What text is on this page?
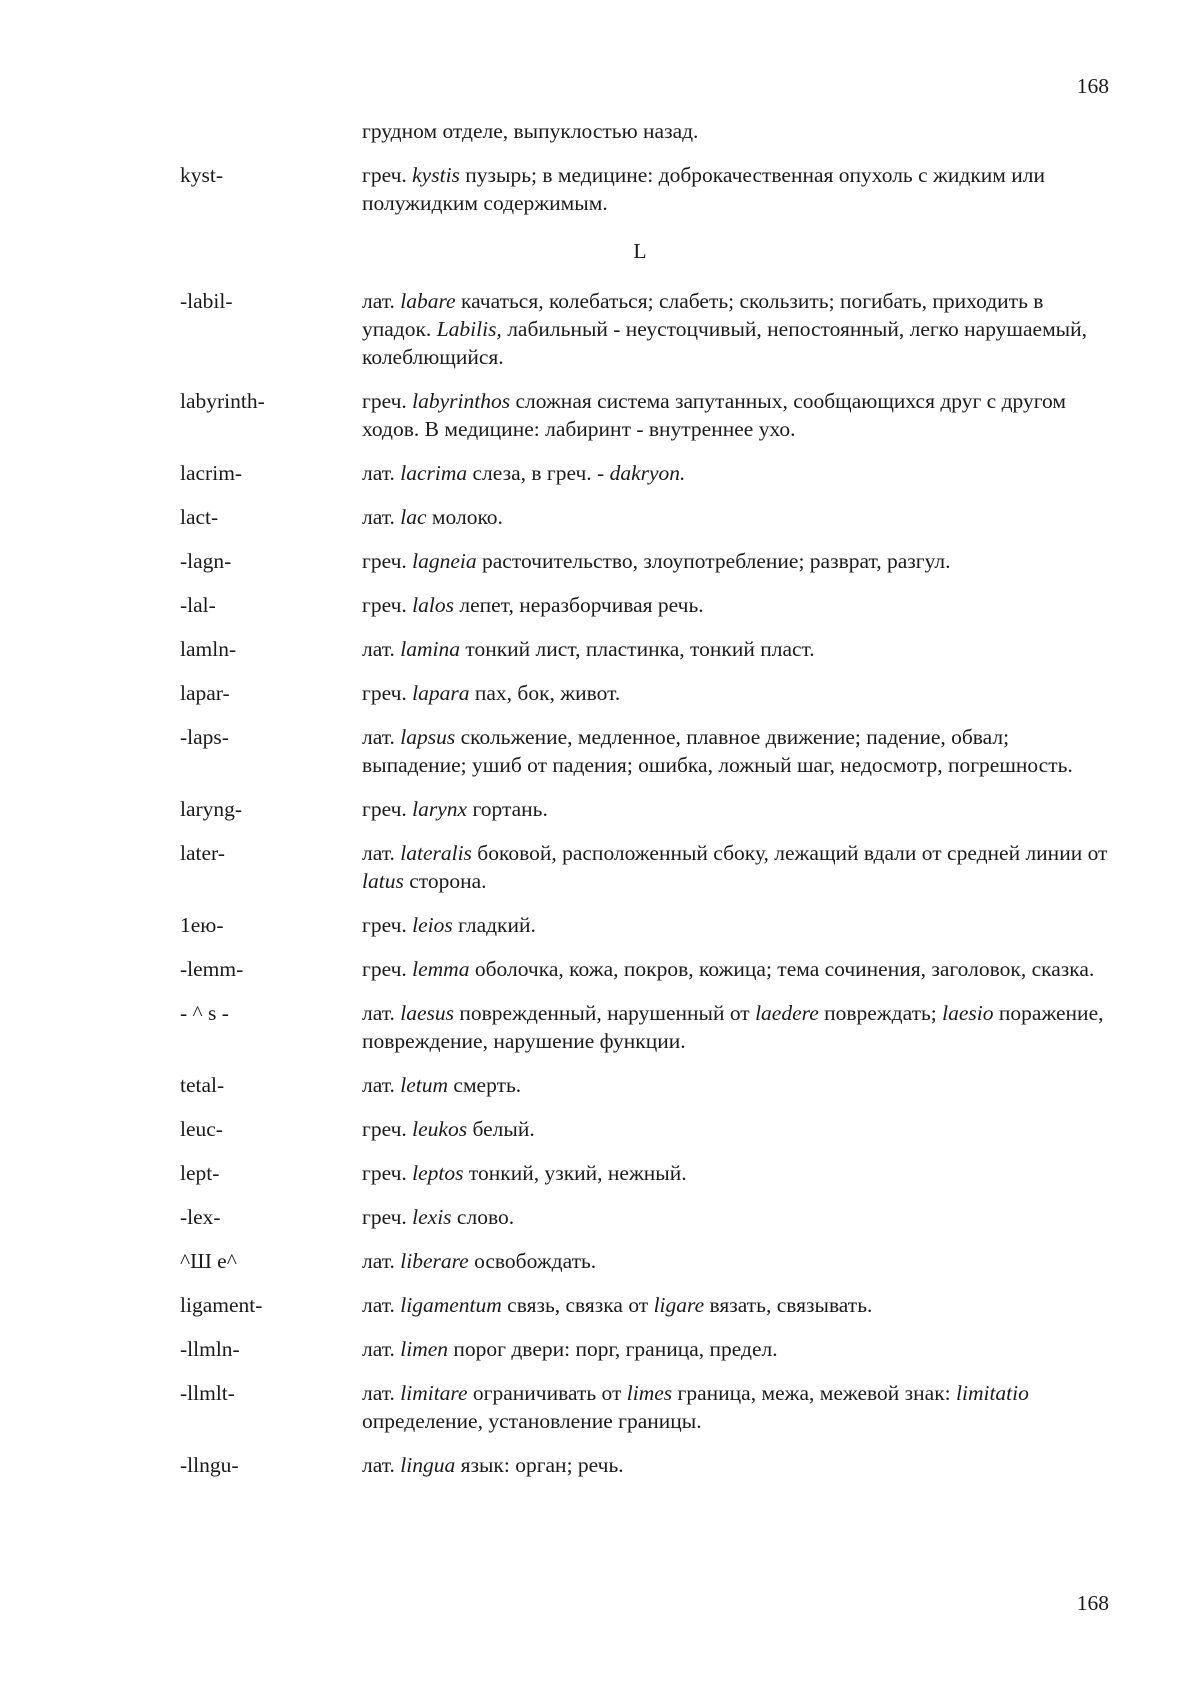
168
грудном отделе, выпуклостью назад.
kyst-	греч. kystis пузырь; в медицине: доброкачественная опухоль с жидким или полужидким содержимым.
L
-labil-	лат. labare качаться, колебаться; слабеть; скользить; погибать, приходить в упадок. Labilis, лабильный - неустоцчивый, непостоянный, легко нарушаемый, колеблющийся.
labyrinth-	греч. labyrinthos сложная система запутанных, сообщающихся друг с другом ходов. В медицине: лабиринт - внутреннее ухо.
lacrim-	лат. lacrima слеза, в греч. - dakryon.
lact-	лат. lac молоко.
-lagn-	греч. lagneia расточительство, злоупотребление; разврат, разгул.
-lal-	греч. lalos лепет, неразборчивая речь.
lamln-	лат. lamina тонкий лист, пластинка, тонкий пласт.
lapar-	греч. lapara пах, бок, живот.
-laps-	лат. lapsus скольжение, медленное, плавное движение; падение, обвал; выпадение; ушиб от падения; ошибка, ложный шаг, недосмотр, погрешность.
laryng-	греч. larynx гортань.
later-	лат. lateralis боковой, расположенный сбоку, лежащий вдали от средней линии от latus сторона.
1ею-	греч. leios гладкий.
-lemm-	греч. lemma оболочка, кожа, покров, кожица; тема сочинения, заголовок, сказка.
- ^ s -	лат. laesus поврежденный, нарушенный от laedere повреждать; laesio поражение, повреждение, нарушение функции.
tetal-	лат. letum смерть.
leuc-	греч. leukos белый.
lept-	греч. leptos тонкий, узкий, нежный.
-lex-	греч. lexis слово.
^Ш е^	лат. liberare освобождать.
ligament-	лат. ligamentum связь, связка от ligare вязать, связывать.
-llmln-	лат. limen порог двери: порг, граница, предел.
-llmlt-	лат. limitare ограничивать от limes граница, межа, межевой знак: limitatio определение, установление границы.
-llngu-	лат. lingua язык: орган; речь.
168
